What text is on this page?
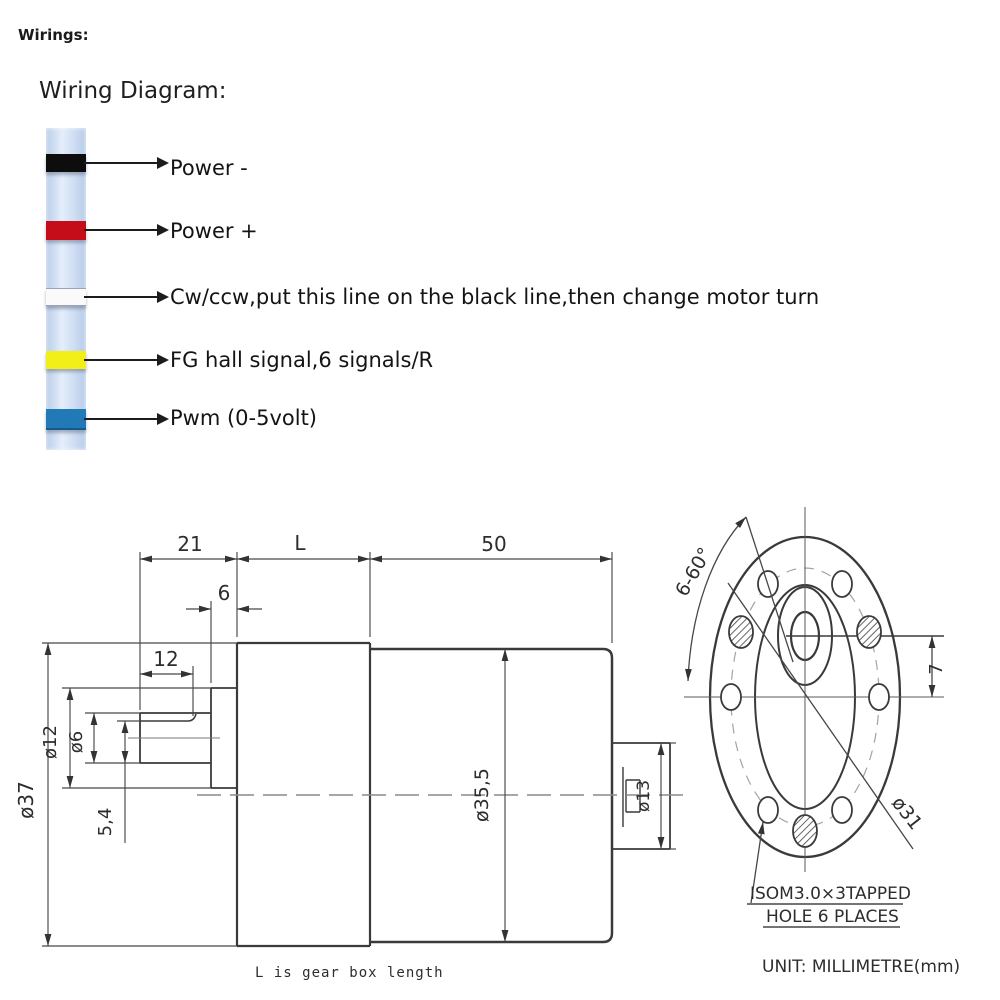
Wirings:
Wiring Diagram:
Power -
Power +
Cw/ccw,put this line on the black line,then change motor turn
FG hall signal,6 signals/R
Pwm (0-5volt)
21	L	50
6
12
ø37
ø12 ø6
5,4
ø35,5	ø13
L is gear box length
6-60°
ø31
7
ISOM3.0×3TAPPED
HOLE 6 PLACES
UNIT: MILLIMETRE(mm)
